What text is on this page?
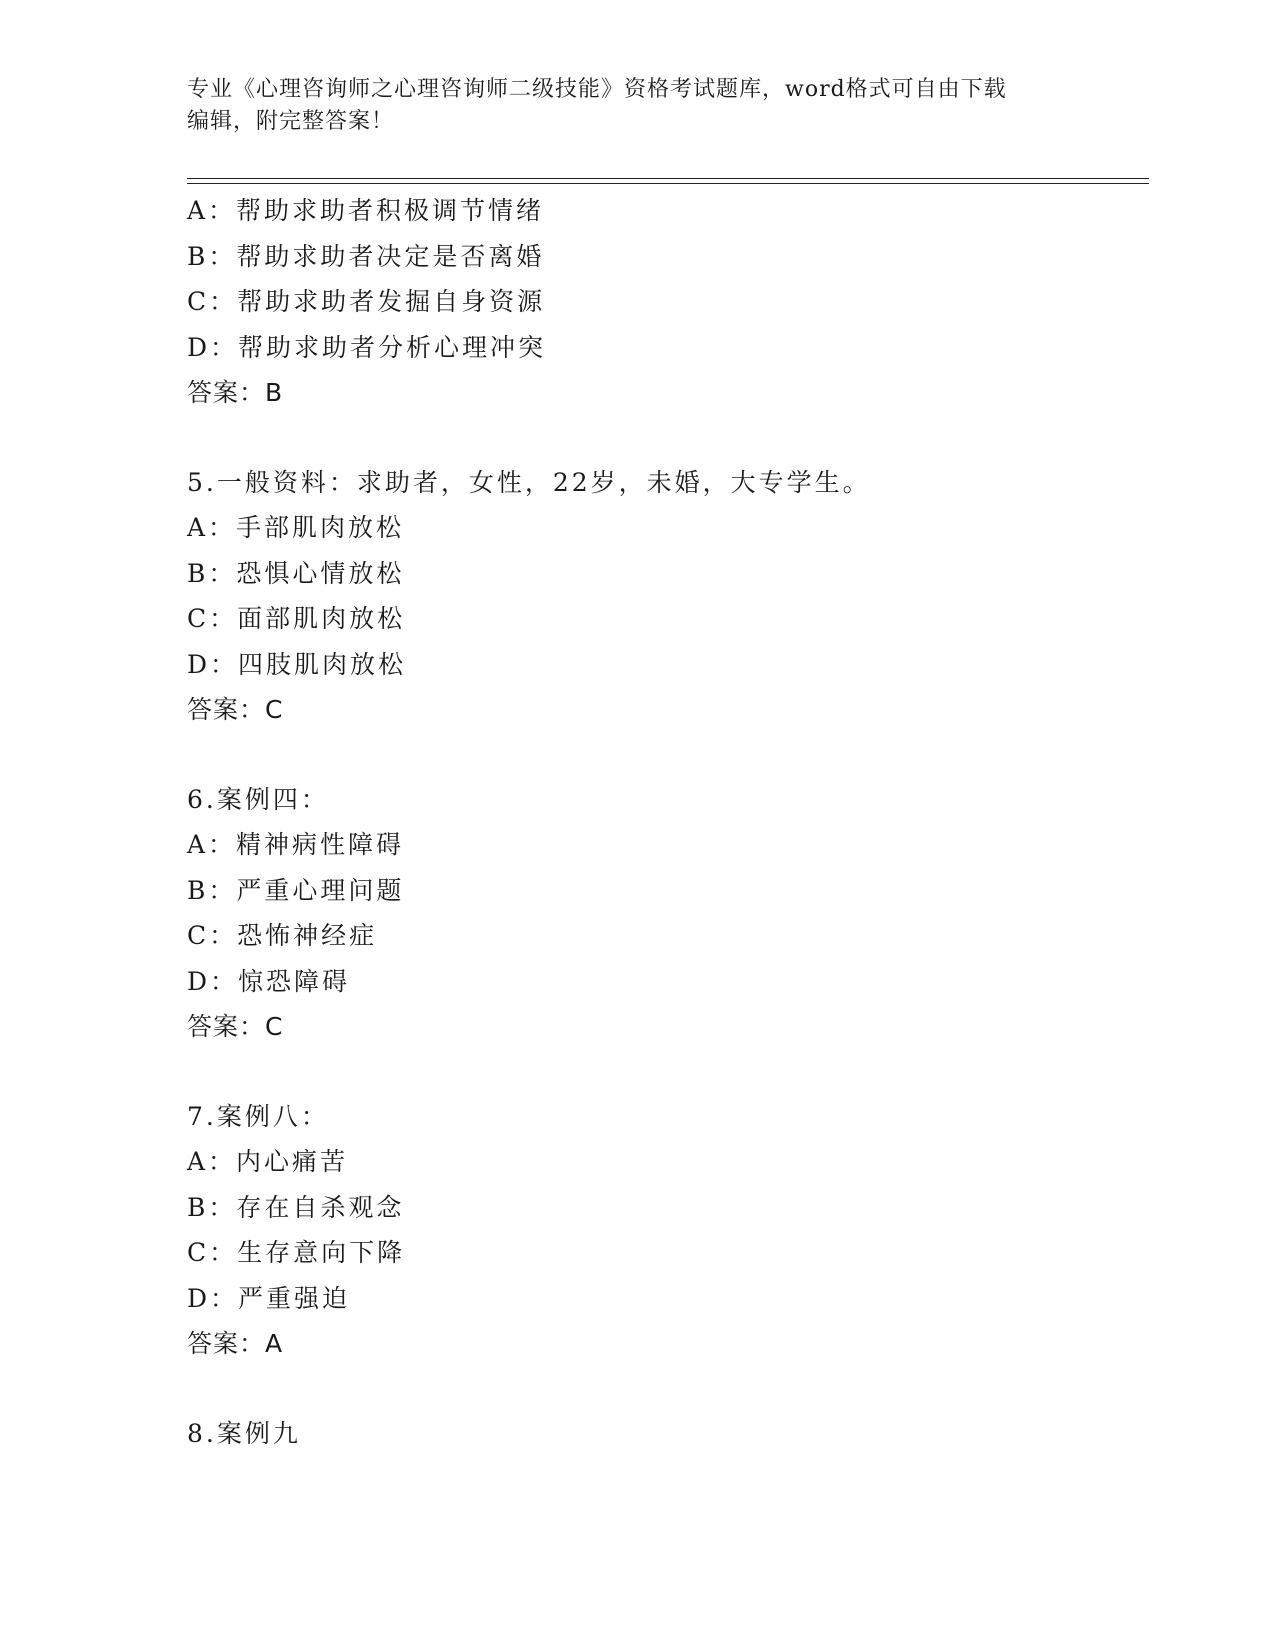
专业《心理咨询师之心理咨询师二级技能》资格考试题库，word格式可自由下载
编辑，附完整答案！
A：帮助求助者积极调节情绪
B：帮助求助者决定是否离婚
C：帮助求助者发掘自身资源
D：帮助求助者分析心理冲突
答案：B
5.一般资料：求助者，女性，22岁，未婚，大专学生。
A：手部肌肉放松
B：恐惧心情放松
C：面部肌肉放松
D：四肢肌肉放松
答案：C
6.案例四：
A：精神病性障碍
B：严重心理问题
C：恐怖神经症
D：惊恐障碍
答案：C
7.案例八：
A：内心痛苦
B：存在自杀观念
C：生存意向下降
D：严重强迫
答案：A
8.案例九
